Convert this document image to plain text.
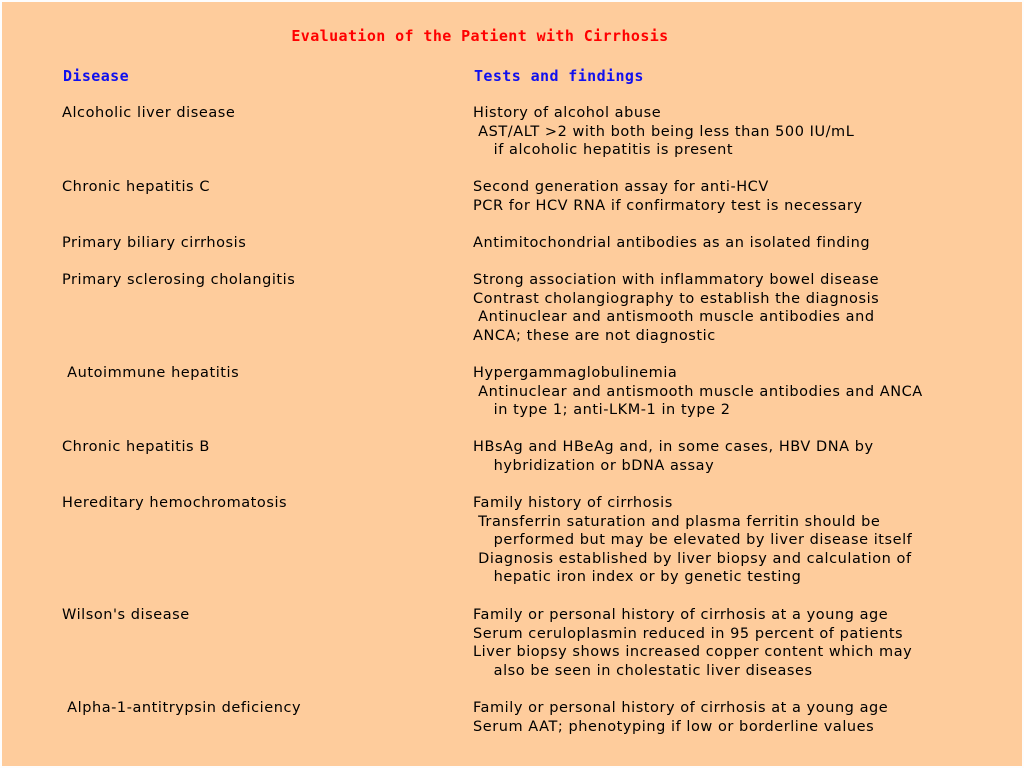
Evaluation of the Patient with Cirrhosis
Disease	Tests and findings
Alcoholic liver disease	History of alcohol abuse
AST/ALT >2 with both being less than 500 IU/mL
if alcoholic hepatitis is present
Chronic hepatitis C	Second generation assay for anti-HCV
PCR for HCV RNA if confirmatory test is necessary
Primary biliary cirrhosis	Antimitochondrial antibodies as an isolated finding
Primary sclerosing cholangitis	Strong association with inflammatory bowel disease
Contrast cholangiography to establish the diagnosis
Antinuclear and antismooth muscle antibodies and
ANCA; these are not diagnostic
Autoimmune hepatitis	Hypergammaglobulinemia
Antinuclear and antismooth muscle antibodies and ANCA
in type 1; anti-LKM-1 in type 2
Chronic hepatitis B	HBsAg and HBeAg and, in some cases, HBV DNA by
hybridization or bDNA assay
Hereditary hemochromatosis	Family history of cirrhosis
Transferrin saturation and plasma ferritin should be
performed but may be elevated by liver disease itself
Diagnosis established by liver biopsy and calculation of
hepatic iron index or by genetic testing
Wilson's disease	Family or personal history of cirrhosis at a young age
Serum ceruloplasmin reduced in 95 percent of patients
Liver biopsy shows increased copper content which may
also be seen in cholestatic liver diseases
Alpha-1-antitrypsin deficiency	Family or personal history of cirrhosis at a young age
Serum AAT; phenotyping if low or borderline values
